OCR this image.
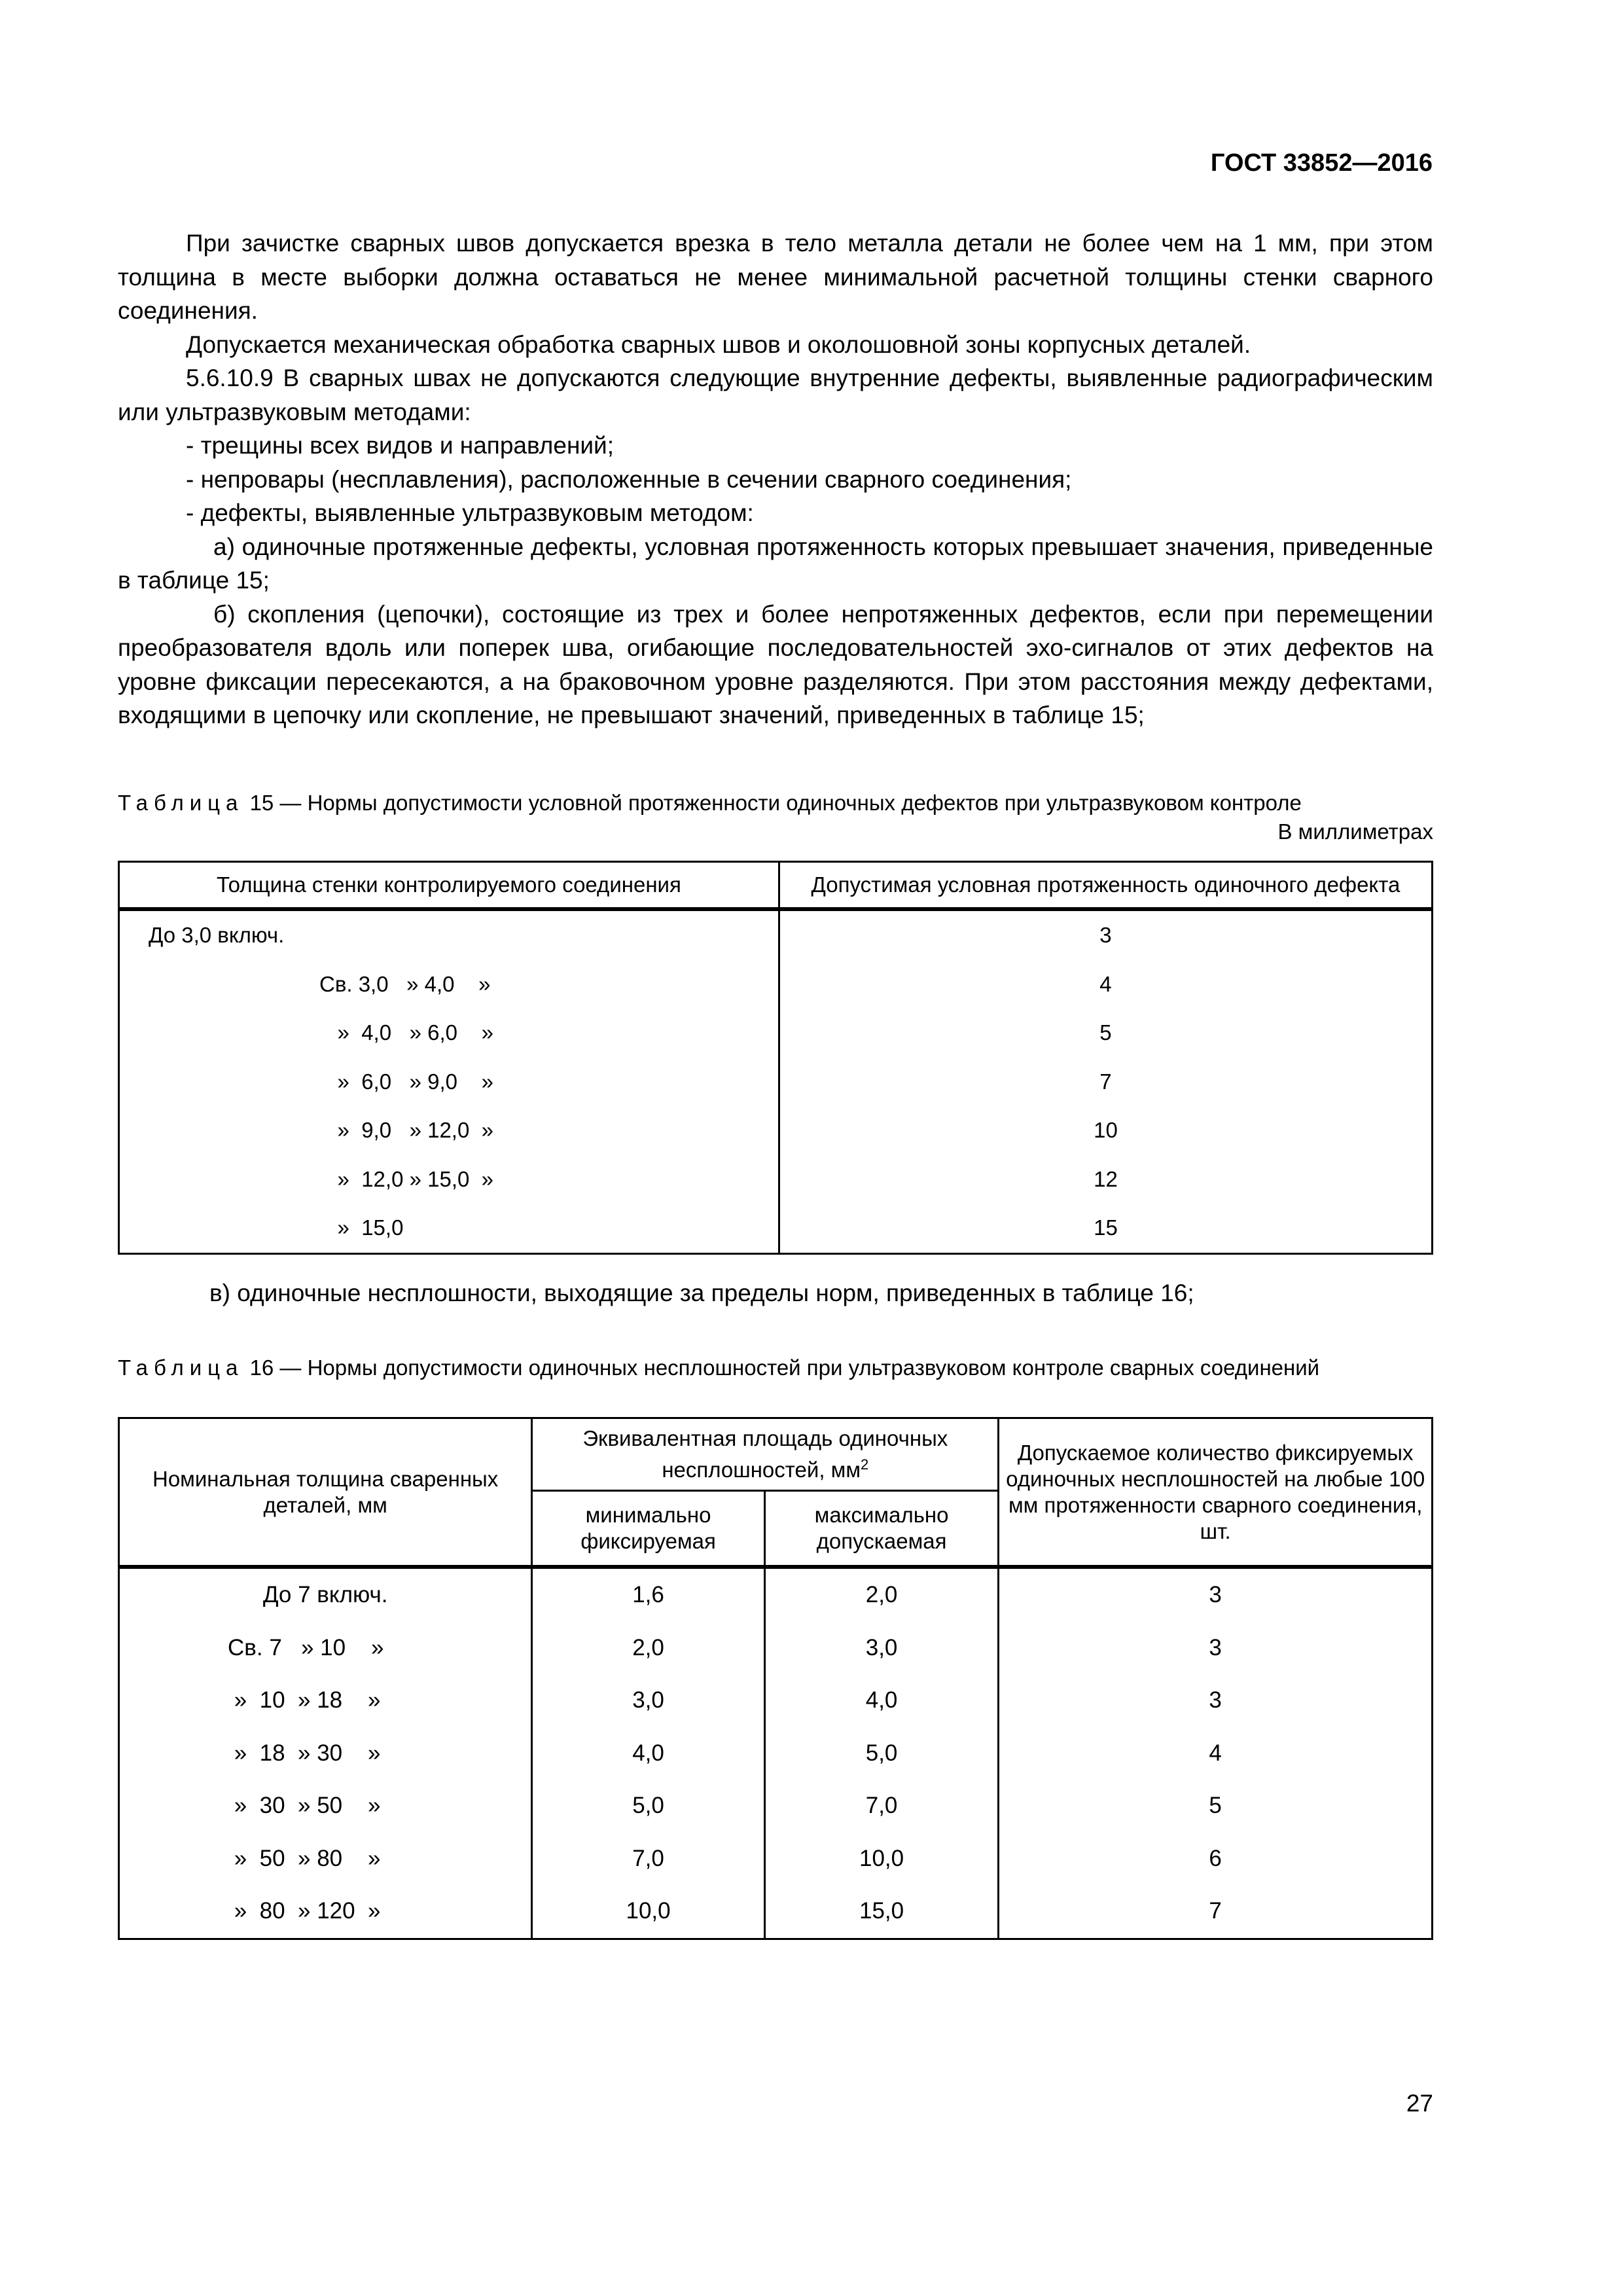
ГОСТ 33852—2016

При зачистке сварных швов допускается врезка в тело металла детали не более чем на 1 мм, при этом толщина в месте выборки должна оставаться не менее минимальной расчетной толщины стенки сварного соединения.

Допускается механическая обработка сварных швов и околошовной зоны корпусных деталей.

5.6.10.9 В сварных швах не допускаются следующие внутренние дефекты, выявленные радиографическим или ультразвуковым методами:

- трещины всех видов и направлений;

- непровары (несплавления), расположенные в сечении сварного соединения;

- дефекты, выявленные ультразвуковым методом:

а) одиночные протяженные дефекты, условная протяженность которых превышает значения, приведенные в таблице 15;

б) скопления (цепочки), состоящие из трех и более непротяженных дефектов, если при перемещении преобразователя вдоль или поперек шва, огибающие последовательностей эхо-сигналов от этих дефектов на уровне фиксации пересекаются, а на браковочном уровне разделяются. При этом расстояния между дефектами, входящими в цепочку или скопление, не превышают значений, приведенных в таблице 15;

Таблица 15 — Нормы допустимости условной протяженности одиночных дефектов при ультразвуковом контроле
В миллиметрах
Толщина стенки контролируемого соединения	Допустимая условная протяженность одиночного дефекта
До 3,0 включ.	3
Св. 3,0   » 4,0    »	4
»  4,0   » 6,0    »	5
»  6,0   » 9,0    »	7
»  9,0   » 12,0  »	10
»  12,0 » 15,0  »	12
»  15,0	15
в) одиночные несплошности, выходящие за пределы норм, приведенных в таблице 16;
Таблица 16 — Нормы допустимости одиночных несплошностей при ультразвуковом контроле сварных соединений
Номинальная толщина сваренных деталей, мм	Эквивалентная площадь одиночных несплошностей, $мм^2$		Допускаемое количество фиксируемых одиночных несплошностей на любые 100 мм протяженности сварного соединения, шт.
	минимально фиксируемая	максимально допускаемая	
До 7 включ.	1,6	2,0	3
Св. 7   » 10    »	2,0	3,0	3
»  10  » 18    »	3,0	4,0	3
»  18  » 30    »	4,0	5,0	4
»  30  » 50    »	5,0	7,0	5
»  50  » 80    »	7,0	10,0	6
»  80  » 120  »	10,0	15,0	7
27
